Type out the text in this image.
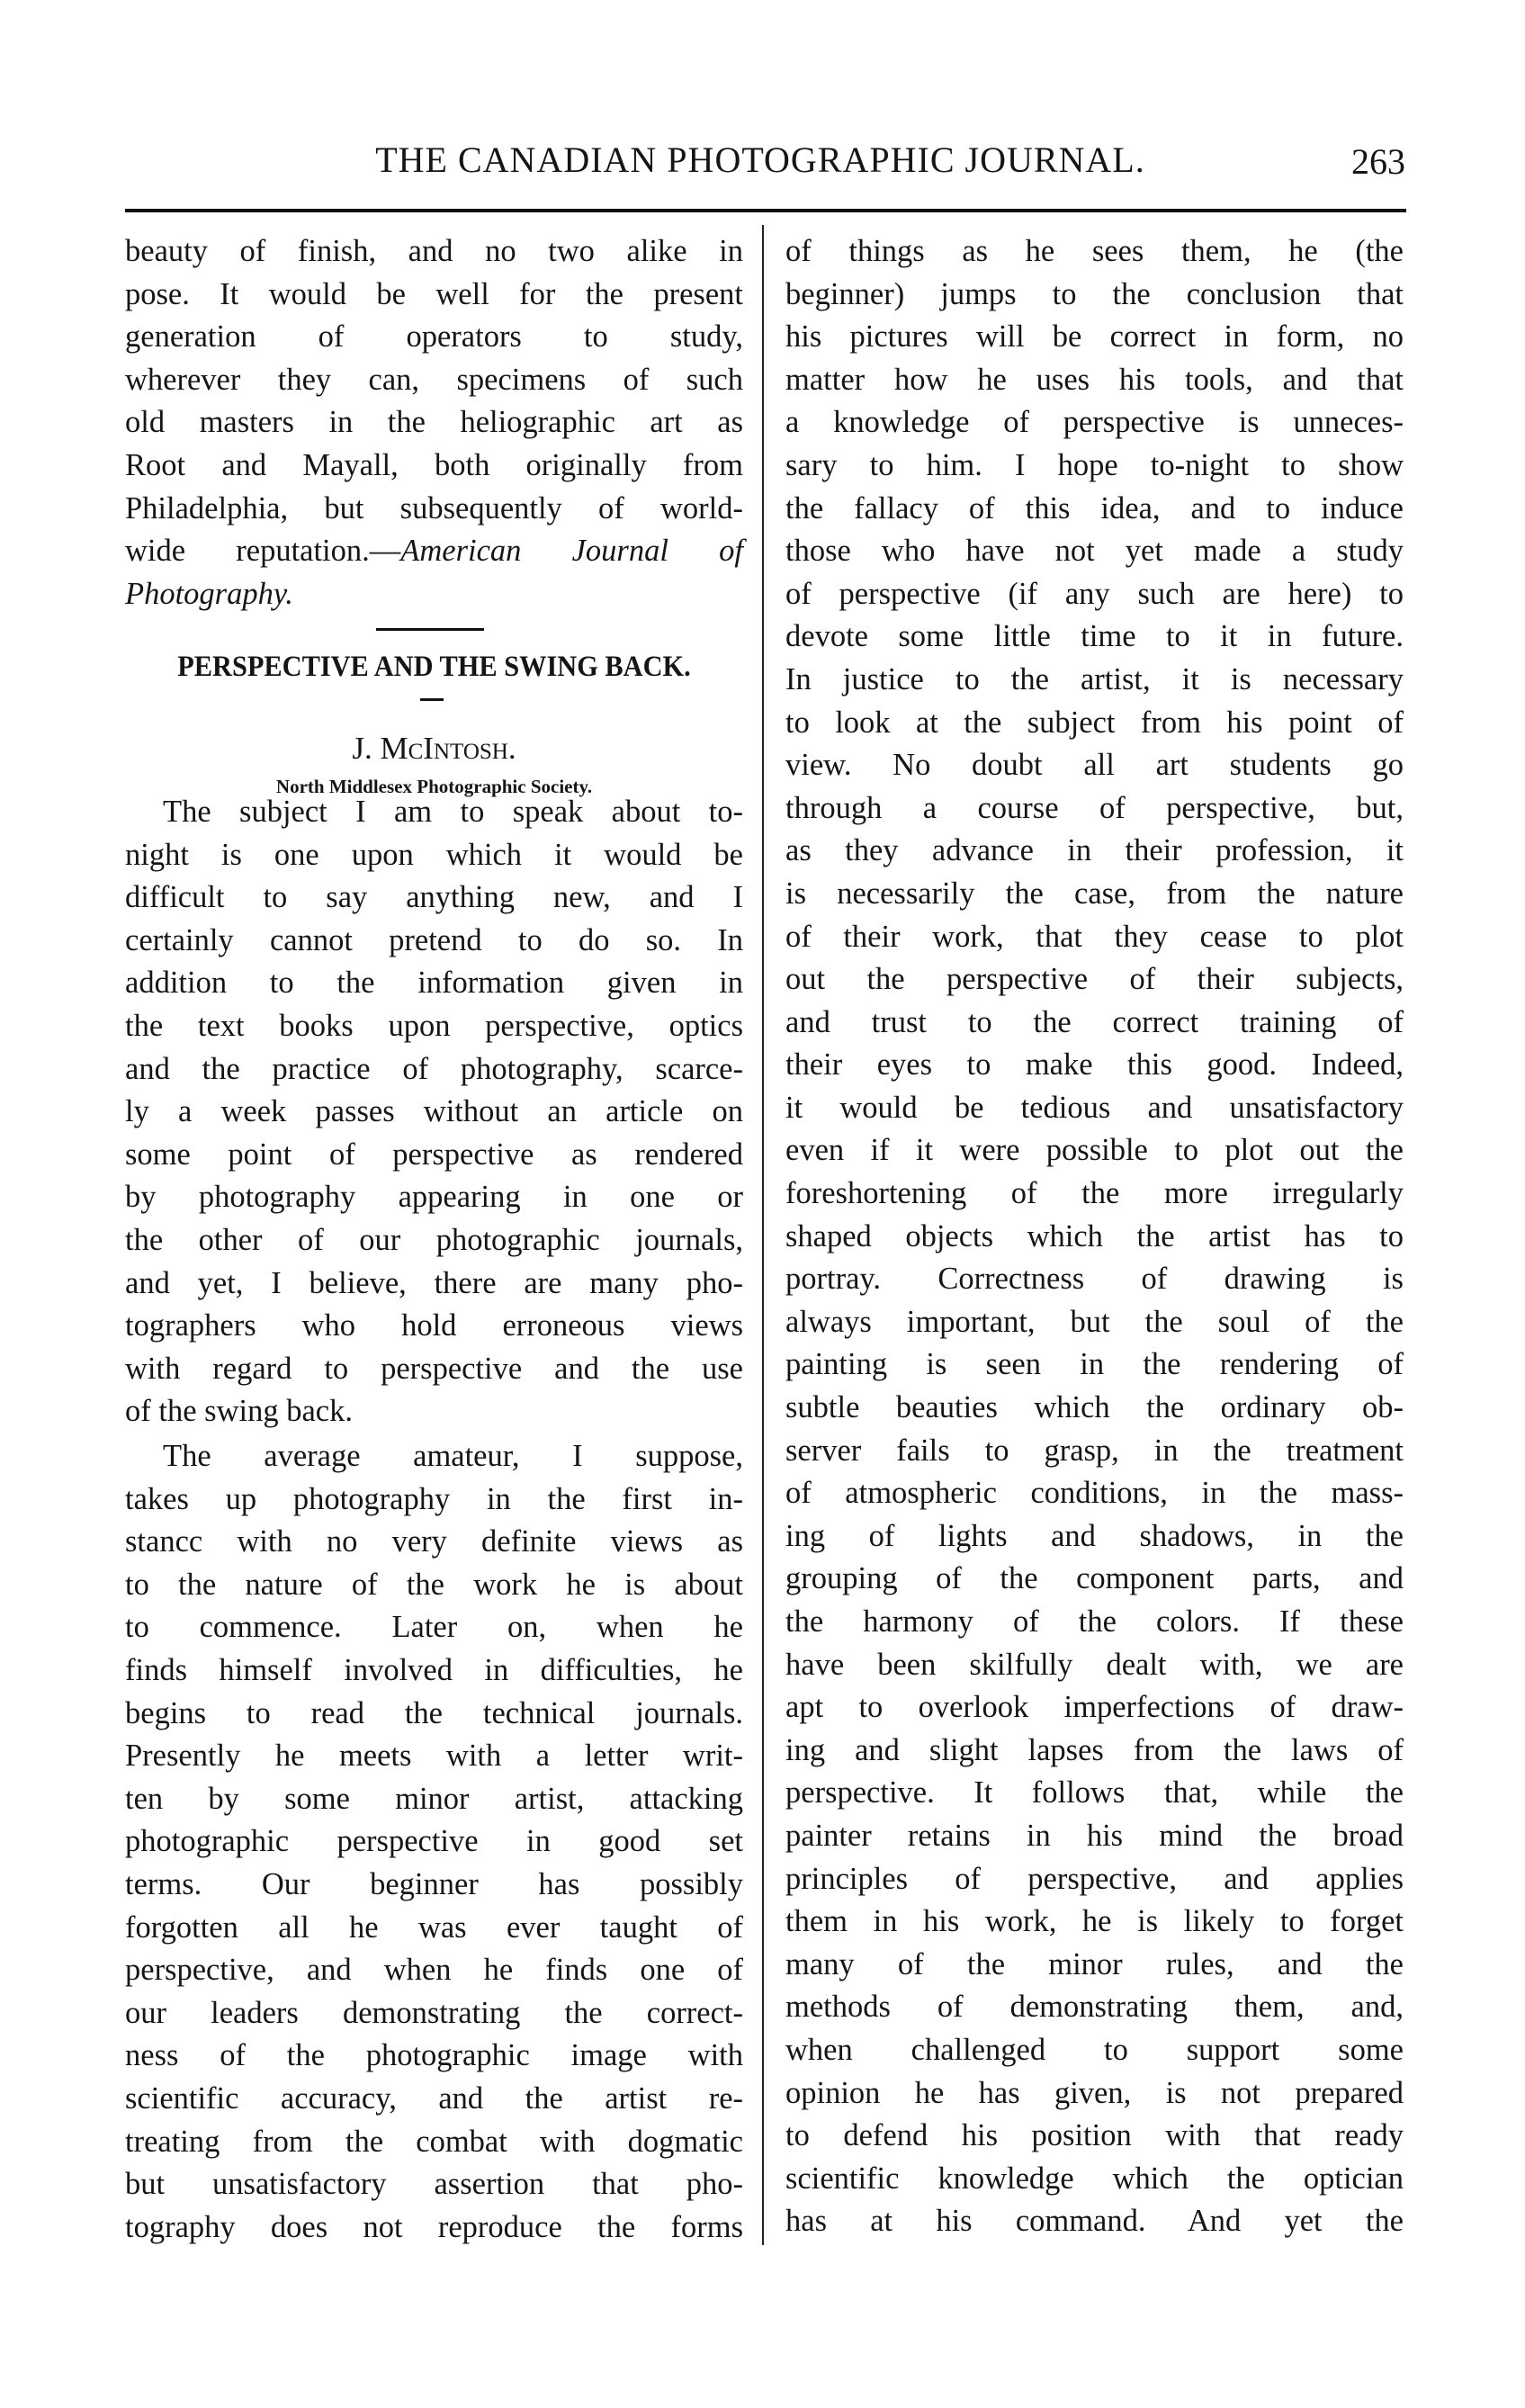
THE CANADIAN PHOTOGRAPHIC JOURNAL.	263
beauty of finish, and no two alike in
pose. It would be well for the present
generation of operators to study,
wherever they can, specimens of such
old masters in the heliographic art as
Root and Mayall, both originally from
Philadelphia, but subsequently of world-
wide reputation.—American Journal of
Photography.
PERSPECTIVE AND THE SWING BACK.
J. McIntosh.
North Middlesex Photographic Society.
The subject I am to speak about to-
night is one upon which it would be
difficult to say anything new, and I
certainly cannot pretend to do so. In
addition to the information given in
the text books upon perspective, optics
and the practice of photography, scarce-
ly a week passes without an article on
some point of perspective as rendered
by photography appearing in one or
the other of our photographic journals,
and yet, I believe, there are many pho-
tographers who hold erroneous views
with regard to perspective and the use
of the swing back.
The average amateur, I suppose,
takes up photography in the first in-
stancc with no very definite views as
to the nature of the work he is about
to commence. Later on, when he
finds himself involved in difficulties, he
begins to read the technical journals.
Presently he meets with a letter writ-
ten by some minor artist, attacking
photographic perspective in good set
terms. Our beginner has possibly
forgotten all he was ever taught of
perspective, and when he finds one of
our leaders demonstrating the correct-
ness of the photographic image with
scientific accuracy, and the artist re-
treating from the combat with dogmatic
but unsatisfactory assertion that pho-
tography does not reproduce the forms
of things as he sees them, he (the
beginner) jumps to the conclusion that
his pictures will be correct in form, no
matter how he uses his tools, and that
a knowledge of perspective is unneces-
sary to him. I hope to-night to show
the fallacy of this idea, and to induce
those who have not yet made a study
of perspective (if any such are here) to
devote some little time to it in future.
In justice to the artist, it is necessary
to look at the subject from his point of
view. No doubt all art students go
through a course of perspective, but,
as they advance in their profession, it
is necessarily the case, from the nature
of their work, that they cease to plot
out the perspective of their subjects,
and trust to the correct training of
their eyes to make this good. Indeed,
it would be tedious and unsatisfactory
even if it were possible to plot out the
foreshortening of the more irregularly
shaped objects which the artist has to
portray. Correctness of drawing is
always important, but the soul of the
painting is seen in the rendering of
subtle beauties which the ordinary ob-
server fails to grasp, in the treatment
of atmospheric conditions, in the mass-
ing of lights and shadows, in the
grouping of the component parts, and
the harmony of the colors. If these
have been skilfully dealt with, we are
apt to overlook imperfections of draw-
ing and slight lapses from the laws of
perspective. It follows that, while the
painter retains in his mind the broad
principles of perspective, and applies
them in his work, he is likely to forget
many of the minor rules, and the
methods of demonstrating them, and,
when challenged to support some
opinion he has given, is not prepared
to defend his position with that ready
scientific knowledge which the optician
has at his command. And yet the
